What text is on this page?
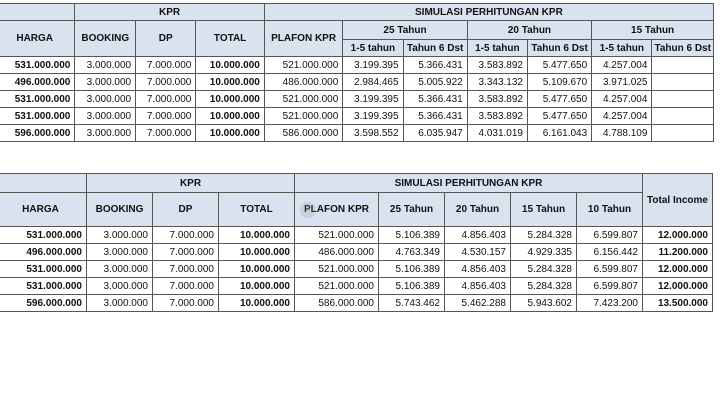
	KPR			SIMULASI PERHITUNGAN KPR						
HARGA	BOOKING	DP	TOTAL	PLAFON KPR	25 Tahun		20 Tahun		15 Tahun	
					1-5 tahun	Tahun 6 Dst	1-5 tahun	Tahun 6 Dst	1-5 tahun	Tahun 6 Dst
531.000.000	3.000.000	7.000.000	10.000.000	521.000.000	3.199.395	5.366.431	3.583.892	5.477.650	4.257.004	
496.000.000	3.000.000	7.000.000	10.000.000	486.000.000	2.984.465	5.005.922	3.343.132	5.109.670	3.971.025	
531.000.000	3.000.000	7.000.000	10.000.000	521.000.000	3.199.395	5.366.431	3.583.892	5.477.650	4.257.004	
531.000.000	3.000.000	7.000.000	10.000.000	521.000.000	3.199.395	5.366.431	3.583.892	5.477.650	4.257.004	
596.000.000	3.000.000	7.000.000	10.000.000	586.000.000	3.598.552	6.035.947	4.031.019	6.161.043	4.788.109	
	KPR			SIMULASI PERHITUNGAN KPR					Total Income
HARGA	BOOKING	DP	TOTAL	PLAFON KPR	25 Tahun	20 Tahun	15 Tahun	10 Tahun	
531.000.000	3.000.000	7.000.000	10.000.000	521.000.000	5.106.389	4.856.403	5.284.328	6.599.807	12.000.000
496.000.000	3.000.000	7.000.000	10.000.000	486.000.000	4.763.349	4.530.157	4.929.335	6.156.442	11.200.000
531.000.000	3.000.000	7.000.000	10.000.000	521.000.000	5.106.389	4.856.403	5.284.328	6.599.807	12.000.000
531.000.000	3.000.000	7.000.000	10.000.000	521.000.000	5.106.389	4.856.403	5.284.328	6.599.807	12.000.000
596.000.000	3.000.000	7.000.000	10.000.000	586.000.000	5.743.462	5.462.288	5.943.602	7.423.200	13.500.000
